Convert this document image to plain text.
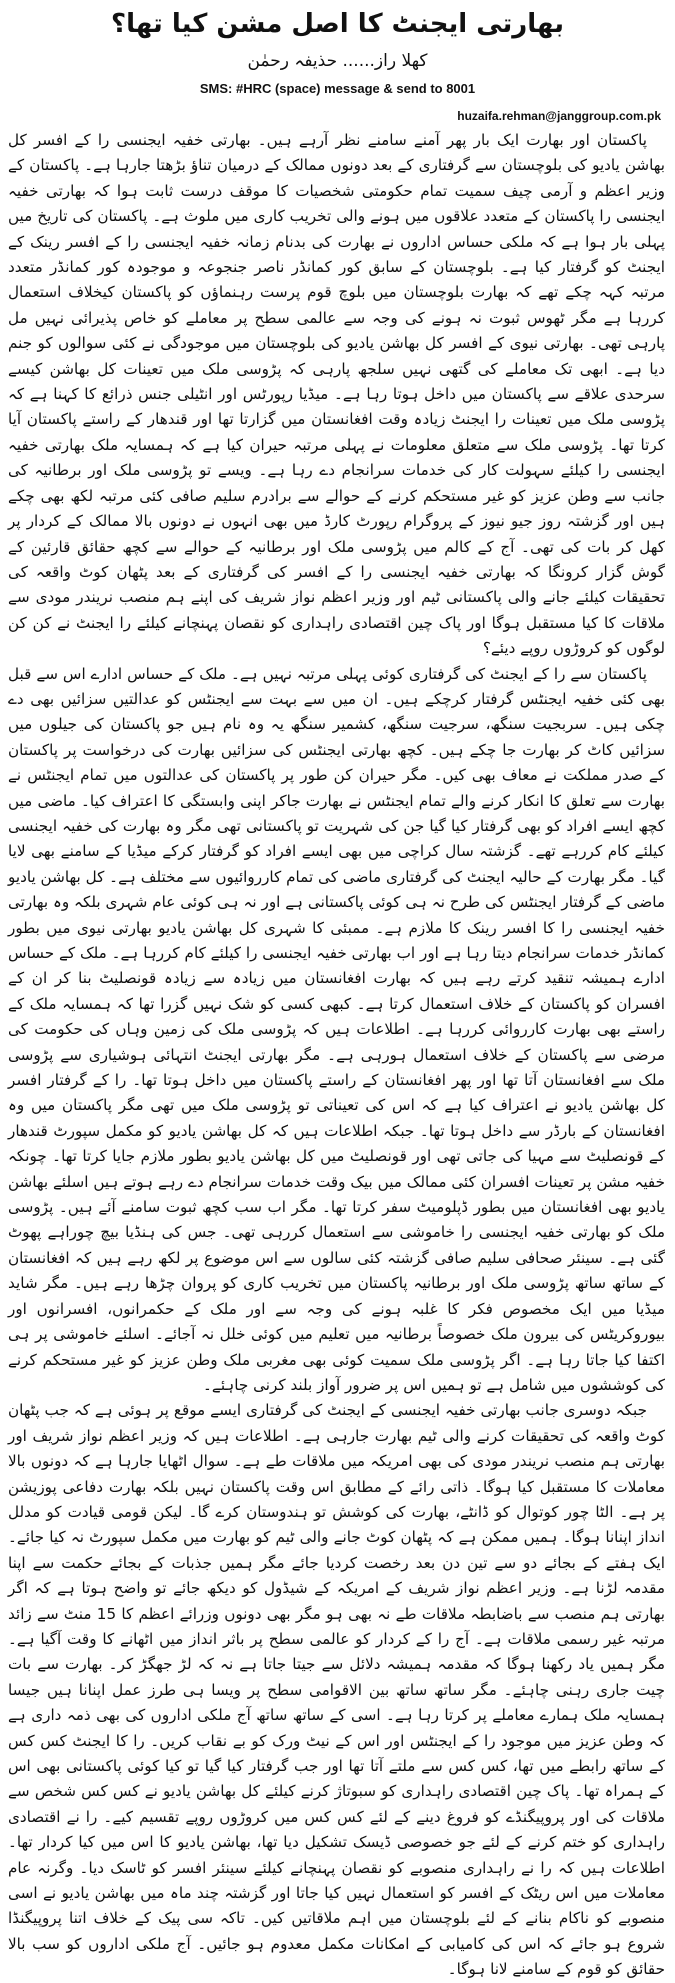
بھارتی ایجنٹ کا اصل مشن کیا تھا؟
کھلا راز...... حذیفہ رحمٰن
SMS: #HRC (space) message & send to 8001
huzaifa.rehman@janggroup.com.pk

پاکستان اور بھارت ایک بار پھر آمنے سامنے نظر آرہے ہیں۔ بھارتی خفیہ ایجنسی را کے افسر کل بھاشن یادیو کی بلوچستان سے گرفتاری کے بعد دونوں ممالک کے درمیان تناؤ بڑھتا جارہا ہے۔ پاکستان کے وزیر اعظم و آرمی چیف سمیت تمام حکومتی شخصیات کا موقف درست ثابت ہوا کہ بھارتی خفیہ ایجنسی را پاکستان کے متعدد علاقوں میں ہونے والی تخریب کاری میں ملوث ہے۔ پاکستان کی تاریخ میں پہلی بار ہوا ہے کہ ملکی حساس اداروں نے بھارت کی بدنام زمانہ خفیہ ایجنسی را کے افسر رینک کے ایجنٹ کو گرفتار کیا ہے۔ بلوچستان کے سابق کور کمانڈر ناصر جنجوعہ و موجودہ کور کمانڈر متعدد مرتبہ کہہ چکے تھے کہ بھارت بلوچستان میں بلوچ قوم پرست رہنماؤں کو پاکستان کیخلاف استعمال کررہا ہے مگر ٹھوس ثبوت نہ ہونے کی وجہ سے عالمی سطح پر معاملے کو خاص پذیرائی نہیں مل پارہی تھی۔ بھارتی نیوی کے افسر کل بھاشن یادیو کی بلوچستان میں موجودگی نے کئی سوالوں کو جنم دیا ہے۔ ابھی تک معاملے کی گتھی نہیں سلجھ پارہی کہ پڑوسی ملک میں تعینات کل بھاشن کیسے سرحدی علاقے سے پاکستان میں داخل ہوتا رہا ہے۔ میڈیا رپورٹس اور انٹیلی جنس ذرائع کا کہنا ہے کہ پڑوسی ملک میں تعینات را ایجنٹ زیادہ وقت افغانستان میں گزارتا تھا اور قندھار کے راستے پاکستان آیا کرتا تھا۔ پڑوسی ملک سے متعلق معلومات نے پہلی مرتبہ حیران کیا ہے کہ ہمسایہ ملک بھارتی خفیہ ایجنسی را کیلئے سہولت کار کی خدمات سرانجام دے رہا ہے۔ ویسے تو پڑوسی ملک اور برطانیہ کی جانب سے وطن عزیز کو غیر مستحکم کرنے کے حوالے سے برادرم سلیم صافی کئی مرتبہ لکھ بھی چکے ہیں اور گزشتہ روز جیو نیوز کے پروگرام رپورٹ کارڈ میں بھی انہوں نے دونوں بالا ممالک کے کردار پر کھل کر بات کی تھی۔ آج کے کالم میں پڑوسی ملک اور برطانیہ کے حوالے سے کچھ حقائق قارئین کے گوش گزار کرونگا کہ بھارتی خفیہ ایجنسی را کے افسر کی گرفتاری کے بعد پٹھان کوٹ واقعہ کی تحقیقات کیلئے جانے والی پاکستانی ٹیم اور وزیر اعظم نواز شریف کی اپنے ہم منصب نریندر مودی سے ملاقات کا کیا مستقبل ہوگا اور پاک چین اقتصادی راہداری کو نقصان پہنچانے کیلئے را ایجنٹ نے کن کن لوگوں کو کروڑوں روپے دیئے؟

پاکستان سے را کے ایجنٹ کی گرفتاری کوئی پہلی مرتبہ نہیں ہے۔ ملک کے حساس ادارے اس سے قبل بھی کئی خفیہ ایجنٹس گرفتار کرچکے ہیں۔ ان میں سے بہت سے ایجنٹس کو عدالتیں سزائیں بھی دے چکی ہیں۔ سربجیت سنگھ، سرجیت سنگھ، کشمیر سنگھ یہ وہ نام ہیں جو پاکستان کی جیلوں میں سزائیں کاٹ کر بھارت جا چکے ہیں۔ کچھ بھارتی ایجنٹس کی سزائیں بھارت کی درخواست پر پاکستان کے صدر مملکت نے معاف بھی کیں۔ مگر حیران کن طور پر پاکستان کی عدالتوں میں تمام ایجنٹس نے بھارت سے تعلق کا انکار کرنے والے تمام ایجنٹس نے بھارت جاکر اپنی وابستگی کا اعتراف کیا۔ ماضی میں کچھ ایسے افراد کو بھی گرفتار کیا گیا جن کی شہریت تو پاکستانی تھی مگر وہ بھارت کی خفیہ ایجنسی کیلئے کام کررہے تھے۔ گزشتہ سال کراچی میں بھی ایسے افراد کو گرفتار کرکے میڈیا کے سامنے بھی لایا گیا۔ مگر بھارت کے حالیہ ایجنٹ کی گرفتاری ماضی کی تمام کارروائیوں سے مختلف ہے۔ کل بھاشن یادیو ماضی کے گرفتار ایجنٹس کی طرح نہ ہی کوئی پاکستانی ہے اور نہ ہی کوئی عام شہری بلکہ وہ بھارتی خفیہ ایجنسی را کا افسر رینک کا ملازم ہے۔ ممبئی کا شہری کل بھاشن یادیو بھارتی نیوی میں بطور کمانڈر خدمات سرانجام دیتا رہا ہے اور اب بھارتی خفیہ ایجنسی را کیلئے کام کررہا ہے۔ ملک کے حساس ادارے ہمیشہ تنقید کرتے رہے ہیں کہ بھارت افغانستان میں زیادہ سے زیادہ قونصلیٹ بنا کر ان کے افسران کو پاکستان کے خلاف استعمال کرتا ہے۔ کبھی کسی کو شک نہیں گزرا تھا کہ ہمسایہ ملک کے راستے بھی بھارت کارروائی کررہا ہے۔ اطلاعات ہیں کہ پڑوسی ملک کی زمین وہاں کی حکومت کی مرضی سے پاکستان کے خلاف استعمال ہورہی ہے۔ مگر بھارتی ایجنٹ انتہائی ہوشیاری سے پڑوسی ملک سے افغانستان آتا تھا اور پھر افغانستان کے راستے پاکستان میں داخل ہوتا تھا۔ را کے گرفتار افسر کل بھاشن یادیو نے اعتراف کیا ہے کہ اس کی تعیناتی تو پڑوسی ملک میں تھی مگر پاکستان میں وہ افغانستان کے بارڈر سے داخل ہوتا تھا۔ جبکہ اطلاعات ہیں کہ کل بھاشن یادیو کو مکمل سپورٹ قندھار کے قونصلیٹ سے مہیا کی جاتی تھی اور قونصلیٹ میں کل بھاشن یادیو بطور ملازم جایا کرتا تھا۔ چونکہ خفیہ مشن پر تعینات افسران کئی ممالک میں بیک وقت خدمات سرانجام دے رہے ہوتے ہیں اسلئے بھاشن یادیو بھی افغانستان میں بطور ڈپلومیٹ سفر کرتا تھا۔ مگر اب سب کچھ ثبوت سامنے آئے ہیں۔ پڑوسی ملک کو بھارتی خفیہ ایجنسی را خاموشی سے استعمال کررہی تھی۔ جس کی ہنڈیا بیچ چوراہے پھوٹ گئی ہے۔ سینئر صحافی سلیم صافی گزشتہ کئی سالوں سے اس موضوع پر لکھ رہے ہیں کہ افغانستان کے ساتھ ساتھ پڑوسی ملک اور برطانیہ پاکستان میں تخریب کاری کو پروان چڑھا رہے ہیں۔ مگر شاید میڈیا میں ایک مخصوص فکر کا غلبہ ہونے کی وجہ سے اور ملک کے حکمرانوں، افسرانوں اور بیوروکریٹس کی بیرون ملک خصوصاً برطانیہ میں تعلیم میں کوئی خلل نہ آجائے۔ اسلئے خاموشی پر ہی اکتفا کیا جاتا رہا ہے۔ اگر پڑوسی ملک سمیت کوئی بھی مغربی ملک وطن عزیز کو غیر مستحکم کرنے کی کوششوں میں شامل ہے تو ہمیں اس پر ضرور آواز بلند کرنی چاہئے۔

جبکہ دوسری جانب بھارتی خفیہ ایجنسی کے ایجنٹ کی گرفتاری ایسے موقع پر ہوئی ہے کہ جب پٹھان کوٹ واقعہ کی تحقیقات کرنے والی ٹیم بھارت جارہی ہے۔ اطلاعات ہیں کہ وزیر اعظم نواز شریف اور بھارتی ہم منصب نریندر مودی کی بھی امریکہ میں ملاقات طے ہے۔ سوال اٹھایا جارہا ہے کہ دونوں بالا معاملات کا مستقبل کیا ہوگا۔ ذاتی رائے کے مطابق اس وقت پاکستان نہیں بلکہ بھارت دفاعی پوزیشن پر ہے۔ الٹا چور کوتوال کو ڈانٹے، بھارت کی کوشش تو ہندوستان کرے گا۔ لیکن قومی قیادت کو مدلل انداز اپنانا ہوگا۔ ہمیں ممکن ہے کہ پٹھان کوٹ جانے والی ٹیم کو بھارت میں مکمل سپورٹ نہ کیا جائے۔ ایک ہفتے کے بجائے دو سے تین دن بعد رخصت کردیا جائے مگر ہمیں جذبات کے بجائے حکمت سے اپنا مقدمہ لڑنا ہے۔ وزیر اعظم نواز شریف کے امریکہ کے شیڈول کو دیکھ جائے تو واضح ہوتا ہے کہ اگر بھارتی ہم منصب سے باضابطہ ملاقات طے نہ بھی ہو مگر بھی دونوں وزرائے اعظم کا 15 منٹ سے زائد مرتبہ غیر رسمی ملاقات ہے۔ آج را کے کردار کو عالمی سطح پر باثر انداز میں اٹھانے کا وقت آگیا ہے۔ مگر ہمیں یاد رکھنا ہوگا کہ مقدمہ ہمیشہ دلائل سے جیتا جاتا ہے نہ کہ لڑ جھگڑ کر۔ بھارت سے بات چیت جاری رہنی چاہئے۔ مگر ساتھ ساتھ بین الاقوامی سطح پر ویسا ہی طرز عمل اپنانا ہیں جیسا ہمسایہ ملک ہمارے معاملے پر کرتا رہا ہے۔ اسی کے ساتھ ساتھ آج ملکی اداروں کی بھی ذمہ داری ہے کہ وطن عزیز میں موجود را کے ایجنٹس اور اس کے نیٹ ورک کو بے نقاب کریں۔ را کا ایجنٹ کس کس کے ساتھ رابطے میں تھا، کس کس سے ملتے آتا تھا اور جب گرفتار کیا گیا تو کیا کوئی پاکستانی بھی اس کے ہمراہ تھا۔ پاک چین اقتصادی راہداری کو سبوتاژ کرنے کیلئے کل بھاشن یادیو نے کس کس شخص سے ملاقات کی اور پروپیگنڈے کو فروغ دینے کے لئے کس کس میں کروڑوں روپے تقسیم کیے۔ را نے اقتصادی راہداری کو ختم کرنے کے لئے جو خصوصی ڈیسک تشکیل دیا تھا، بھاشن یادیو کا اس میں کیا کردار تھا۔ اطلاعات ہیں کہ را نے راہداری منصوبے کو نقصان پہنچانے کیلئے سینئر افسر کو ٹاسک دیا۔ وگرنہ عام معاملات میں اس ریٹک کے افسر کو استعمال نہیں کیا جاتا اور گزشتہ چند ماہ میں بھاشن یادیو نے اسی منصوبے کو ناکام بنانے کے لئے بلوچستان میں اہم ملاقاتیں کیں۔ تاکہ سی پیک کے خلاف اتنا پروپیگنڈا شروع ہو جائے کہ اس کی کامیابی کے امکانات مکمل معدوم ہو جائیں۔ آج ملکی اداروں کو سب بالا حقائق کو قوم کے سامنے لانا ہوگا۔
